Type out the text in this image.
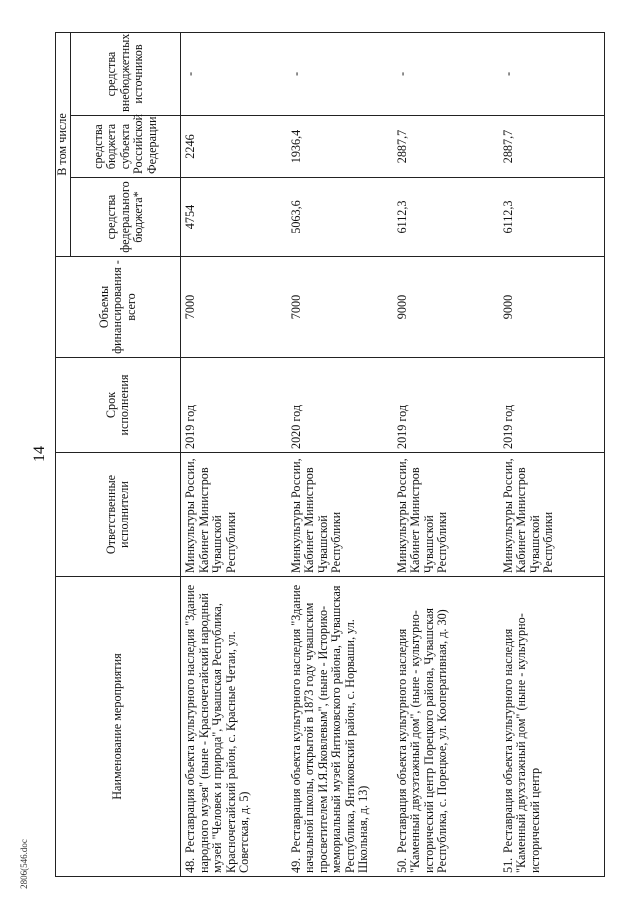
14
2806(546.doc
Наименование мероприятия	Ответственные исполнители	Срок исполнения	Объемы финансирования - всего	В том числе		
				средства федерального бюджета*	средства бюджета субъекта Российской Федерации	средства внебюджетных источников
48.Реставрация объекта культурного наследия "Здание народного музея" (ныне - Красночетайский народный музей "Человек и природа", Чувашская Республика, Красночетайский район, с. Красные Четаи, ул. Советская, д. 5)	Минкультуры России, Кабинет Министров Чувашской Республики	2019 год	7000	4754	2246	-
49.Реставрация объекта культурного наследия "Здание начальной школы, открытой в 1873 году чувашским просветителем И.Я.Яковлевым", (ныне - Историко-мемориальный музей Янтиковского района, Чувашская Республика, Янтиковский район, с. Норваши, ул. Школьная, д. 13)	Минкультуры России, Кабинет Министров Чувашской Республики	2020 год	7000	5063,6	1936,4	-
50.Реставрация объекта культурного наследия "Каменный двухэтажный дом", (ныне - культурно-исторический центр Порецкого района, Чувашская Республика, с. Порецкое, ул. Кооперативная, д. 30)	Минкультуры России, Кабинет Министров Чувашской Республики	2019 год	9000	6112,3	2887,7	-
51.Реставрация объекта культурного наследия "Каменный двухэтажный дом" (ныне - культурно-исторический центр	Минкультуры России, Кабинет Министров Чувашской Республики	2019 год	9000	6112,3	2887,7	-
